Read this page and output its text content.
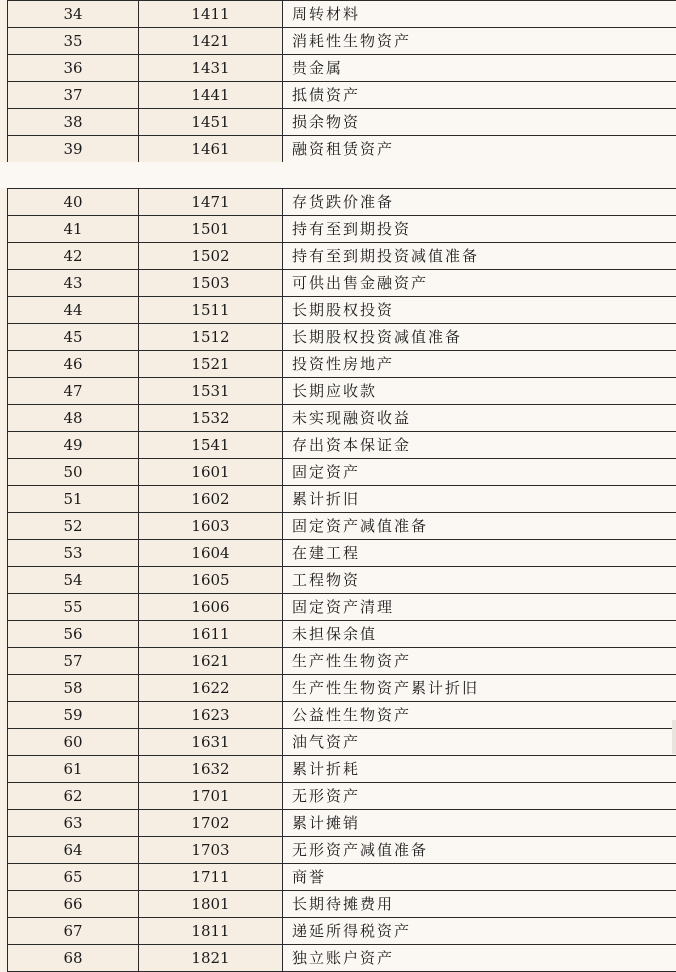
34	1411	周转材料
35	1421	消耗性生物资产
36	1431	贵金属
37	1441	抵债资产
38	1451	损余物资
39	1461	融资租赁资产
40	1471	存货跌价准备
41	1501	持有至到期投资
42	1502	持有至到期投资减值准备
43	1503	可供出售金融资产
44	1511	长期股权投资
45	1512	长期股权投资减值准备
46	1521	投资性房地产
47	1531	长期应收款
48	1532	未实现融资收益
49	1541	存出资本保证金
50	1601	固定资产
51	1602	累计折旧
52	1603	固定资产减值准备
53	1604	在建工程
54	1605	工程物资
55	1606	固定资产清理
56	1611	未担保余值
57	1621	生产性生物资产
58	1622	生产性生物资产累计折旧
59	1623	公益性生物资产
60	1631	油气资产
61	1632	累计折耗
62	1701	无形资产
63	1702	累计摊销
64	1703	无形资产减值准备
65	1711	商誉
66	1801	长期待摊费用
67	1811	递延所得税资产
68	1821	独立账户资产
